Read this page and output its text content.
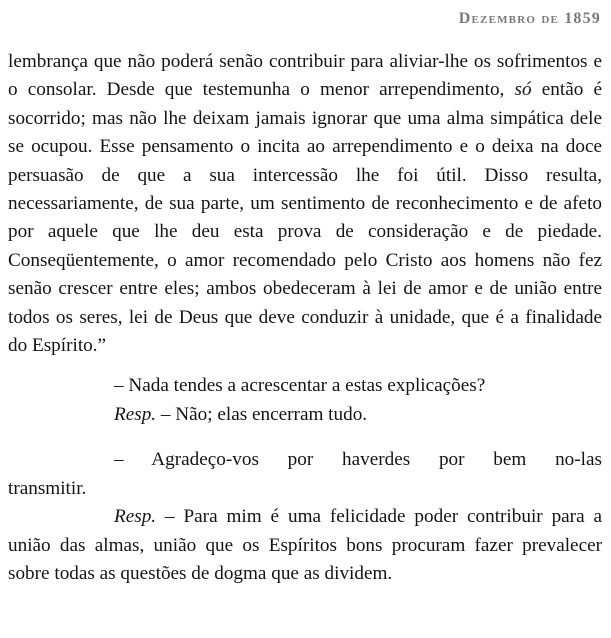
Dezembro de 1859

lembrança que não poderá senão contribuir para aliviar-lhe os sofrimentos e o consolar. Desde que testemunha o menor arrependimento, só então é socorrido; mas não lhe deixam jamais ignorar que uma alma simpática dele se ocupou. Esse pensamento o incita ao arrependimento e o deixa na doce persuasão de que a sua intercessão lhe foi útil. Disso resulta, necessariamente, de sua parte, um sentimento de reconhecimento e de afeto por aquele que lhe deu esta prova de consideração e de piedade. Conseqüentemente, o amor recomendado pelo Cristo aos homens não fez senão crescer entre eles; ambos obedeceram à lei de amor e de união entre todos os seres, lei de Deus que deve conduzir à unidade, que é a finalidade do Espírito.”

– Nada tendes a acrescentar a estas explicações?

Resp. – Não; elas encerram tudo.

– Agradeço-vos por haverdes por bem no-las

transmitir.

Resp. – Para mim é uma felicidade poder contribuir para a união das almas, união que os Espíritos bons procuram fazer prevalecer sobre todas as questões de dogma que as dividem.
